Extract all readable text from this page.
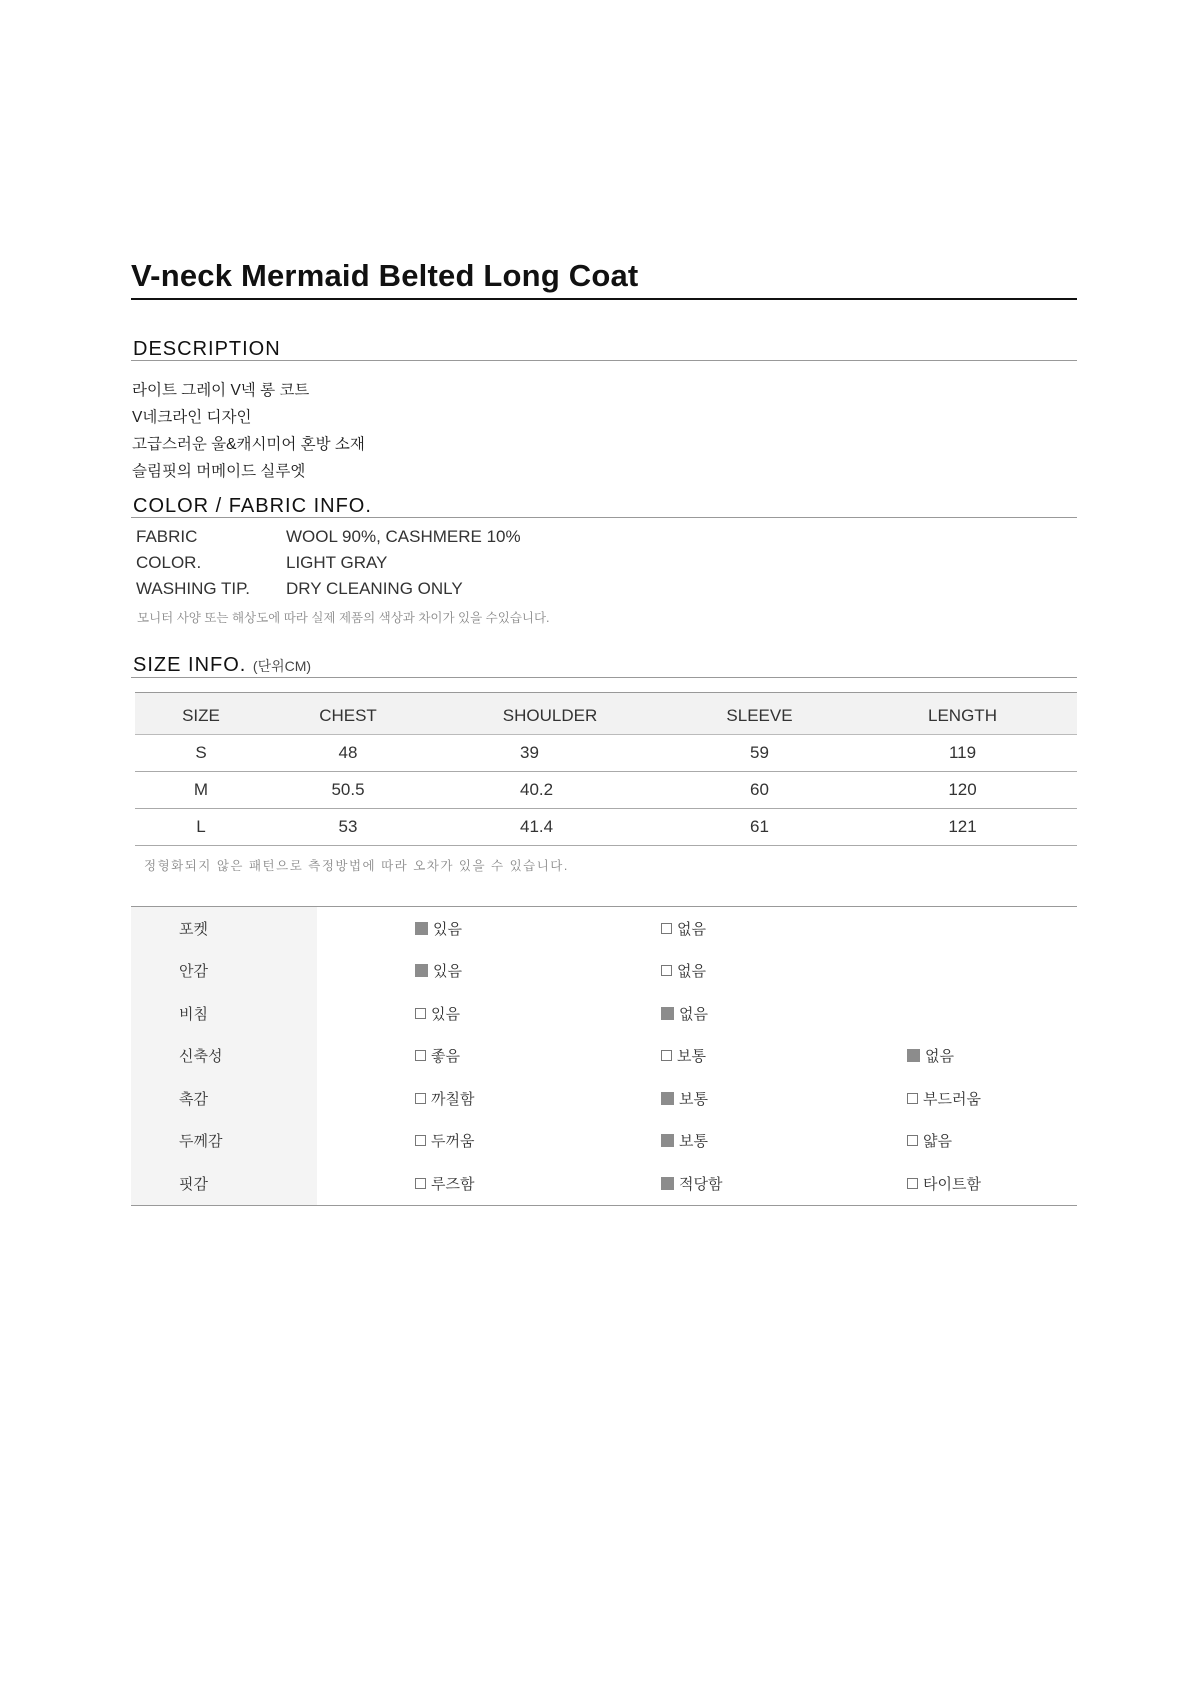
V-neck Mermaid Belted Long Coat
DESCRIPTION
라이트 그레이 V넥 롱 코트
V네크라인 디자인
고급스러운 울&캐시미어 혼방 소재
슬림핏의 머메이드 실루엣
COLOR / FABRIC INFO.
FABRIC	WOOL 90%, CASHMERE 10%
COLOR.	LIGHT GRAY
WASHING TIP.	DRY CLEANING ONLY
모니터 사양 또는 해상도에 따라 실제 제품의 색상과 차이가 있을 수있습니다.
SIZE INFO. (단위CM)
SIZE	CHEST	SHOULDER	SLEEVE	LENGTH
S	48	39	59	119
M	50.5	40.2	60	120
L	53	41.4	61	121
정형화되지 않은 패턴으로 측정방법에 따라 오차가 있을 수 있습니다.
포켓	있음	없음	

안감	있음	없음	

비침	있음	없음	

신축성	좋음	보통	없음

촉감	까칠함	보통	부드러움

두께감	두꺼움	보통	얇음

핏감	루즈함	적당함	타이트함
